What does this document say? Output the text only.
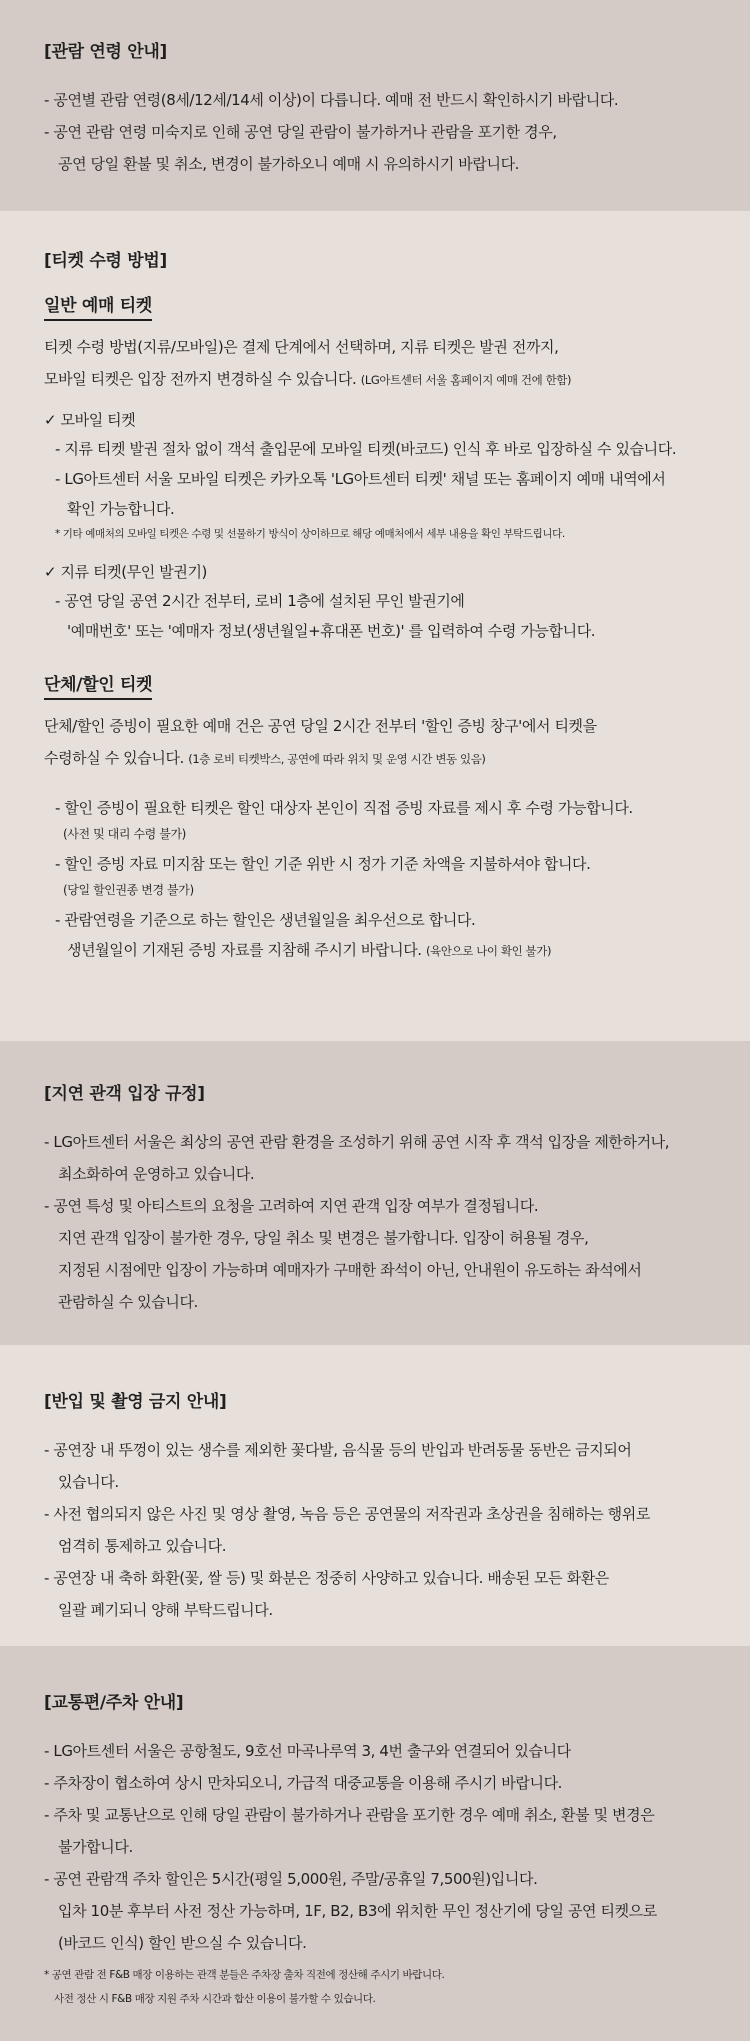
[관람 연령 안내]
- 공연별 관람 연령(8세/12세/14세 이상)이 다릅니다. 예매 전 반드시 확인하시기 바랍니다.
- 공연 관람 연령 미숙지로 인해 공연 당일 관람이 불가하거나 관람을 포기한 경우,
공연 당일 환불 및 취소, 변경이 불가하오니 예매 시 유의하시기 바랍니다.
[티켓 수령 방법]
일반 예매 티켓
티켓 수령 방법(지류/모바일)은 결제 단계에서 선택하며, 지류 티켓은 발권 전까지,
모바일 티켓은 입장 전까지 변경하실 수 있습니다. (LG아트센터 서울 홈페이지 예매 건에 한함)
✓ 모바일 티켓
- 지류 티켓 발권 절차 없이 객석 출입문에 모바일 티켓(바코드) 인식 후 바로 입장하실 수 있습니다.
- LG아트센터 서울 모바일 티켓은 카카오톡 'LG아트센터 티켓' 채널 또는 홈페이지 예매 내역에서
확인 가능합니다.
* 기타 예매처의 모바일 티켓은 수령 및 선물하기 방식이 상이하므로 해당 예매처에서 세부 내용을 확인 부탁드립니다.
✓ 지류 티켓(무인 발권기)
- 공연 당일 공연 2시간 전부터, 로비 1층에 설치된 무인 발권기에
'예매번호' 또는 '예매자 정보(생년월일+휴대폰 번호)' 를 입력하여 수령 가능합니다.
단체/할인 티켓
단체/할인 증빙이 필요한 예매 건은 공연 당일 2시간 전부터 '할인 증빙 창구'에서 티켓을
수령하실 수 있습니다. (1층 로비 티켓박스, 공연에 따라 위치 및 운영 시간 변동 있음)
- 할인 증빙이 필요한 티켓은 할인 대상자 본인이 직접 증빙 자료를 제시 후 수령 가능합니다.
(사전 및 대리 수령 불가)
- 할인 증빙 자료 미지참 또는 할인 기준 위반 시 정가 기준 차액을 지불하셔야 합니다.
(당일 할인권종 변경 불가)
- 관람연령을 기준으로 하는 할인은 생년월일을 최우선으로 합니다.
생년월일이 기재된 증빙 자료를 지참해 주시기 바랍니다. (육안으로 나이 확인 불가)
[지연 관객 입장 규정]
- LG아트센터 서울은 최상의 공연 관람 환경을 조성하기 위해 공연 시작 후 객석 입장을 제한하거나,
최소화하여 운영하고 있습니다.
- 공연 특성 및 아티스트의 요청을 고려하여 지연 관객 입장 여부가 결정됩니다.
지연 관객 입장이 불가한 경우, 당일 취소 및 변경은 불가합니다. 입장이 허용될 경우,
지정된 시점에만 입장이 가능하며 예매자가 구매한 좌석이 아닌, 안내원이 유도하는 좌석에서
관람하실 수 있습니다.
[반입 및 촬영 금지 안내]
- 공연장 내 뚜껑이 있는 생수를 제외한 꽃다발, 음식물 등의 반입과 반려동물 동반은 금지되어
있습니다.
- 사전 협의되지 않은 사진 및 영상 촬영, 녹음 등은 공연물의 저작권과 초상권을 침해하는 행위로
엄격히 통제하고 있습니다.
- 공연장 내 축하 화환(꽃, 쌀 등) 및 화분은 정중히 사양하고 있습니다. 배송된 모든 화환은
일괄 폐기되니 양해 부탁드립니다.
[교통편/주차 안내]
- LG아트센터 서울은 공항철도, 9호선 마곡나루역 3, 4번 출구와 연결되어 있습니다
- 주차장이 협소하여 상시 만차되오니, 가급적 대중교통을 이용해 주시기 바랍니다.
- 주차 및 교통난으로 인해 당일 관람이 불가하거나 관람을 포기한 경우 예매 취소, 환불 및 변경은
불가합니다.
- 공연 관람객 주차 할인은 5시간(평일 5,000원, 주말/공휴일 7,500원)입니다.
입차 10분 후부터 사전 정산 가능하며, 1F, B2, B3에 위치한 무인 정산기에 당일 공연 티켓으로
(바코드 인식) 할인 받으실 수 있습니다.
* 공연 관람 전 F&B 매장 이용하는 관객 분들은 주차장 출차 직전에 정산해 주시기 바랍니다.
사전 정산 시 F&B 매장 지원 주차 시간과 합산 이용이 불가할 수 있습니다.
